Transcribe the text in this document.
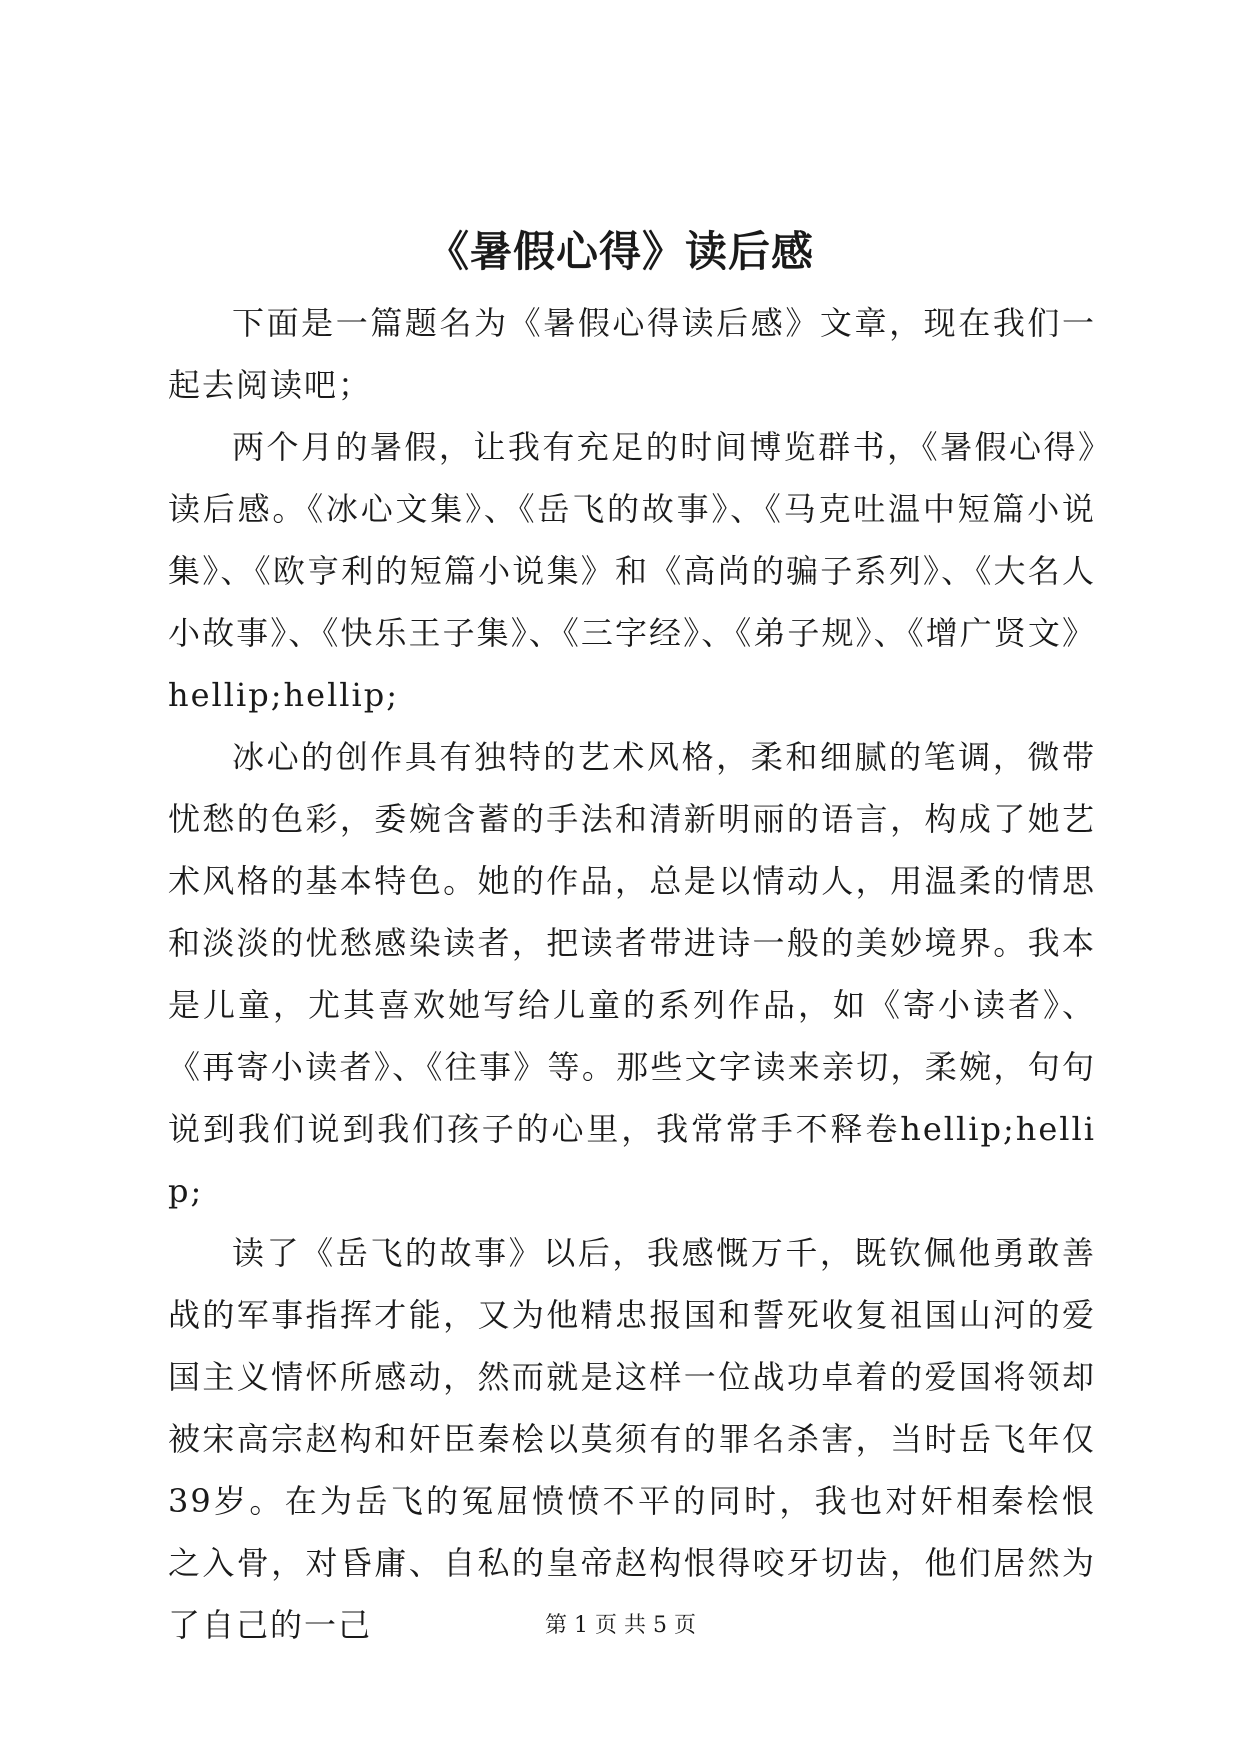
《暑假心得》读后感

下面是一篇题名为《暑假心得读后感》文章，现在我们一起去阅读吧；

两个月的暑假，让我有充足的时间博览群书，《暑假心得》读后感。《冰心文集》、《岳飞的故事》、《马克吐温中短篇小说集》、《欧亨利的短篇小说集》和《高尚的骗子系列》、《大名人小故事》、《快乐王子集》、《三字经》、《弟子规》、《增广贤文》hellip;hellip;

冰心的创作具有独特的艺术风格，柔和细腻的笔调，微带忧愁的色彩，委婉含蓄的手法和清新明丽的语言，构成了她艺术风格的基本特色。她的作品，总是以情动人，用温柔的情思和淡淡的忧愁感染读者，把读者带进诗一般的美妙境界。我本是儿童，尤其喜欢她写给儿童的系列作品，如《寄小读者》、《再寄小读者》、《往事》等。那些文字读来亲切，柔婉，句句说到我们说到我们孩子的心里，我常常手不释卷hellip;hellip;

读了《岳飞的故事》以后，我感慨万千，既钦佩他勇敢善战的军事指挥才能，又为他精忠报国和誓死收复祖国山河的爱国主义情怀所感动，然而就是这样一位战功卓着的爱国将领却被宋高宗赵构和奸臣秦桧以莫须有的罪名杀害，当时岳飞年仅39岁。在为岳飞的冤屈愤愤不平的同时，我也对奸相秦桧恨之入骨，对昏庸、自私的皇帝赵构恨得咬牙切齿，他们居然为了自己的一己	第 1 页 共 5 页
